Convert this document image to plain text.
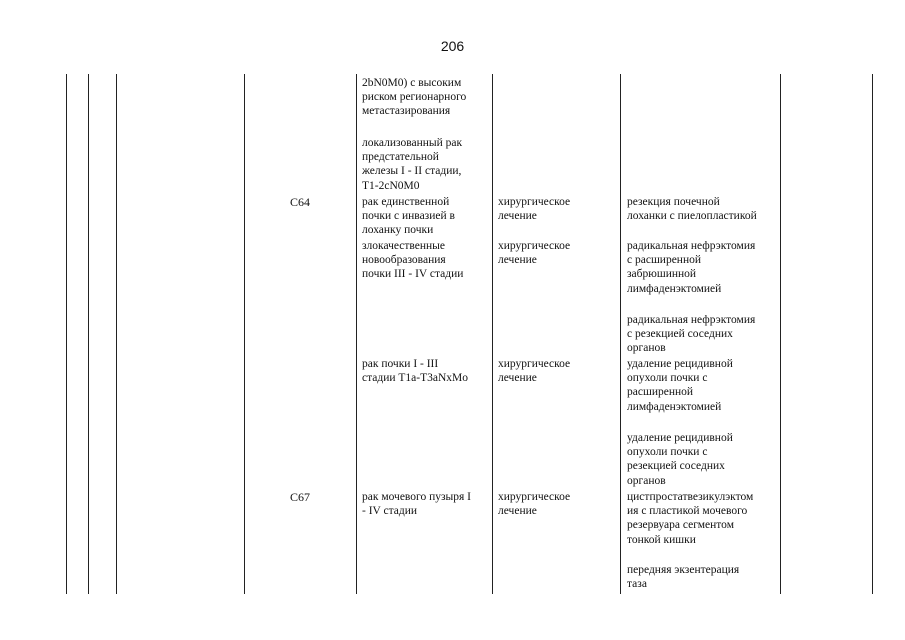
206
2bN0M0) с высоким
риском регионарного
метастазирования
локализованный рак
предстательной
железы I - II стадии,
T1-2cN0M0
C64	рак единственной
почки с инвазией в
лоханку почки
хирургическое
лечение
резекция почечной
лоханки с пиелопластикой
злокачественные
новообразования
почки III - IV стадии
хирургическое
лечение
радикальная нефрэктомия
с расширенной
забрюшинной
лимфаденэктомией
радикальная нефрэктомия
с резекцией соседних
органов
рак почки I - III
стадии T1a-T3aNxMo
хирургическое
лечение
удаление рецидивной
опухоли почки с
расширенной
лимфаденэктомией
удаление рецидивной
опухоли почки с
резекцией соседних
органов
C67	рак мочевого пузыря I
- IV стадии
хирургическое
лечение
цистпростатвезикулэктом
ия с пластикой мочевого
резервуара сегментом
тонкой кишки
передняя экзентерация
таза
